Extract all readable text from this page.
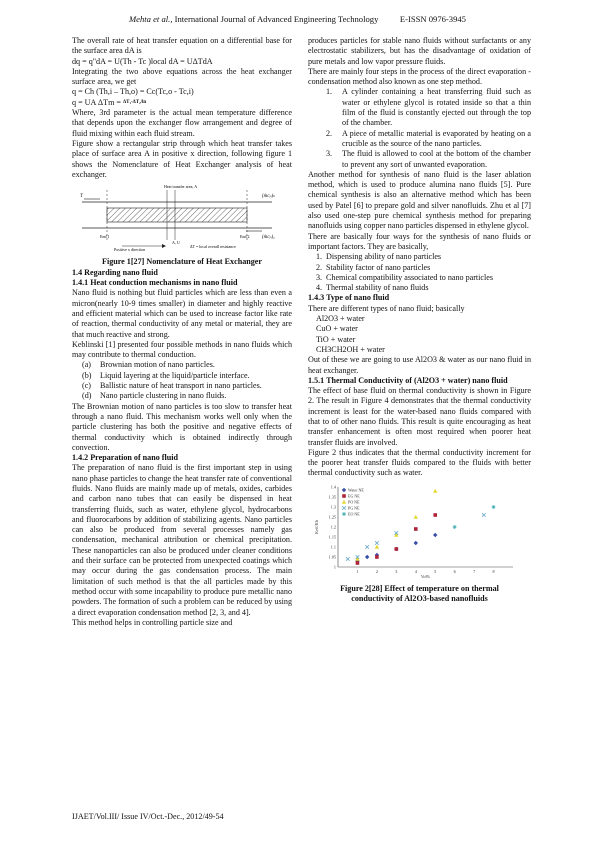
Mehta et al., International Journal of Advanced Engineering Technology E-ISSN 0976-3945

The overall rate of heat transfer equation on a differential base for the surface area dA is

dq = q"dA = U(Th - Tc )local dA = UΔTdA

Integrating the two above equations across the heat exchanger surface area, we get

q = Ch (Th,i – Th,o) = Cc(Tc,o - Tc,i)

q = UA ΔTm = $^{\Delta T_1-\Delta T_2/ln}$

Where, 3rd parameter is the actual mean temperature difference that depends upon the exchanger flow arrangement and degree of fluid mixing within each fluid stream.

Figure show a rectangular strip through which heat transfer takes place of surface area A in positive x direction, following figure 1 shows the Nomenclature of Heat Exchanger analysis of heat exchanger.

Heat transfer area, A
End 1	End 2
Positive x direction
A, U
ΔT = local overall resistance
T	(ṁcₚ)ₕ
(ṁcₚ)꜀

Figure 1[27] Nomenclature of Heat Exchanger

1.4 Regarding nano fluid

1.4.1 Heat conduction mechanisms in nano fluid

Nano fluid is nothing but fluid particles which are less than even a micron(nearly 10-9 times smaller) in diameter and highly reactive and efficient material which can be used to increase factor like rate of reaction, thermal conductivity of any metal or material, they are that much reactive and strong.

Keblinski [1] presented four possible methods in nano fluids which may contribute to thermal conduction.

(a)	Brownian motion of nano particles.
(b)	Liquid layering at the liquid/particle interface.
(c)	Ballistic nature of heat transport in nano particles.
(d)	Nano particle clustering in nano fluids.

The Brownian motion of nano particles is too slow to transfer heat through a nano fluid. This mechanism works well only when the particle clustering has both the positive and negative effects of thermal conductivity which is obtained indirectly through convection.

1.4.2 Preparation of nano fluid

The preparation of nano fluid is the first important step in using nano phase particles to change the heat transfer rate of conventional fluids. Nano fluids are mainly made up of metals, oxides, carbides and carbon nano tubes that can easily be dispensed in heat transferring fluids, such as water, ethylene glycol, hydrocarbons and fluorocarbons by addition of stabilizing agents. Nano particles can also be produced from several processes namely gas condensation, mechanical attribution or chemical precipitation. These nanoparticles can also be produced under cleaner conditions and their surface can be protected from unexpected coatings which may occur during the gas condensation process. The main limitation of such method is that the all particles made by this method occur with some incapability to produce pure metallic nano powders. The formation of such a problem can be reduced by using a direct evaporation condensation method [2, 3, and 4].

This method helps in controlling particle size and

produces particles for stable nano fluids without surfactants or any electrostatic stabilizers, but has the disadvantage of oxidation of pure metals and low vapor pressure fluids.

There are mainly four steps in the process of the direct evaporation - condensation method also known as one step method.

1.	A cylinder containing a heat transferring fluid such as water or ethylene glycol is rotated inside so that a thin film of the fluid is constantly ejected out through the top of the chamber.
2.	A piece of metallic material is evaporated by heating on a crucible as the source of the nano particles.
3.	The fluid is allowed to cool at the bottom of the chamber to prevent any sort of unwanted evaporation.

Another method for synthesis of nano fluid is the laser ablation method, which is used to produce alumina nano fluids [5]. Pure chemical synthesis is also an alternative method which has been used by Patel [6] to prepare gold and silver nanofluids. Zhu et al [7] also used one-step pure chemical synthesis method for preparing nanofluids using copper nano particles dispensed in ethylene glycol.

There are basically four ways for the synthesis of nano fluids or important factors. They are basically,

1. Dispensing ability of nano particles
2. Stability factor of nano particles
3. Chemical compatibility associated to nano particles
4. Thermal stability of nano fluids

1.4.3 Type of nano fluid

There are different types of nano fluid; basically

Al2O3 + water

CuO + water

TiO + water

CH3CH2OH + water

Out of these we are going to use Al2O3 & water as our nano fluid in heat exchanger.

1.5.1 Thermal Conductivity of (Al2O3 + water) nano fluid

The effect of base fluid on thermal conductivity is shown in Figure 2. The result in Figure 4 demonstrates that the thermal conductivity increment is least for the water-based nano fluids compared with that to of other nano fluids. This result is quite encouraging as heat transfer enhancement is often most required when poorer heat transfer fluids are involved.

Figure 2 thus indicates that the thermal conductivity increment for the poorer heat transfer fluids compared to the fluids with better thermal conductivity such as water.

1
1.05
1.1
1.15
1.2
1.25
1.3
1.35
1.4
1	2	3	4	5	6	7	8
Vol%
Keff/Kb
Water NE
EG NE
PO NE
PG NE
EO NE

Figure 2[28] Effect of temperature on thermal

conductivity of Al2O3-based nanofluids

IJAET/Vol.III/ Issue IV/Oct.-Dec., 2012/49-54
